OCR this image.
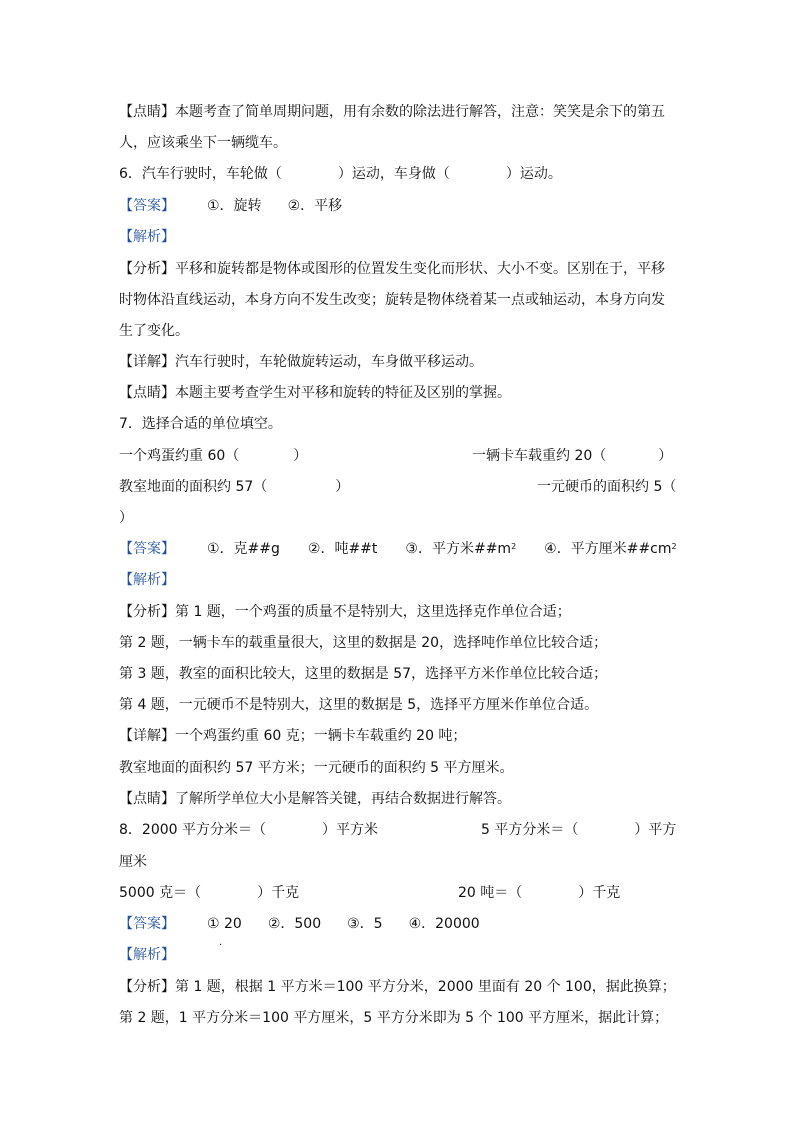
【点睛】本题考查了简单周期问题，用有余数的除法进行解答，注意：笑笑是余下的第五
人，应该乘坐下一辆缆车。
6．汽车行驶时，车轮做（	）运动，车身做（	）运动。
【答案】 ①．旋转 ②．平移
【解析】
【分析】平移和旋转都是物体或图形的位置发生变化而形状、大小不变。区别在于，平移
时物体沿直线运动，本身方向不发生改变；旋转是物体绕着某一点或轴运动，本身方向发
生了变化。
【详解】汽车行驶时，车轮做旋转运动，车身做平移运动。
【点睛】本题主要考查学生对平移和旋转的特征及区别的掌握。
7．选择合适的单位填空。
一个鸡蛋约重 60（	）	一辆卡车载重约 20（	）
教室地面的面积约 57（	）	一元硬币的面积约 5（
）
【答案】 ①．克##g ②．吨##t ③．平方米$\#\#m^2$ ④．平方厘米$\#\#cm^2$
【解析】
【分析】第 1 题，一个鸡蛋的质量不是特别大，这里选择克作单位合适；
第 2 题，一辆卡车的载重量很大，这里的数据是 20，选择吨作单位比较合适；
第 3 题，教室的面积比较大，这里的数据是 57，选择平方米作单位比较合适；
第 4 题，一元硬币不是特别大，这里的数据是 5，选择平方厘米作单位合适。
【详解】一个鸡蛋约重 60 克；一辆卡车载重约 20 吨；
教室地面的面积约 57 平方米；一元硬币的面积约 5 平方厘米。
【点睛】了解所学单位大小是解答关键，再结合数据进行解答。
8．2000 平方分米＝（	）平方米	5 平方分米＝（	）平方
厘米
5000 克＝（	）千克	20 吨＝（	）千克
【答案】 ① 20 ②．500 ③．5 ④．20000
.
【解析】
【分析】第 1 题，根据 1 平方米＝100 平方分米，2000 里面有 20 个 100，据此换算；
第 2 题，1 平方分米＝100 平方厘米，5 平方分米即为 5 个 100 平方厘米，据此计算；
